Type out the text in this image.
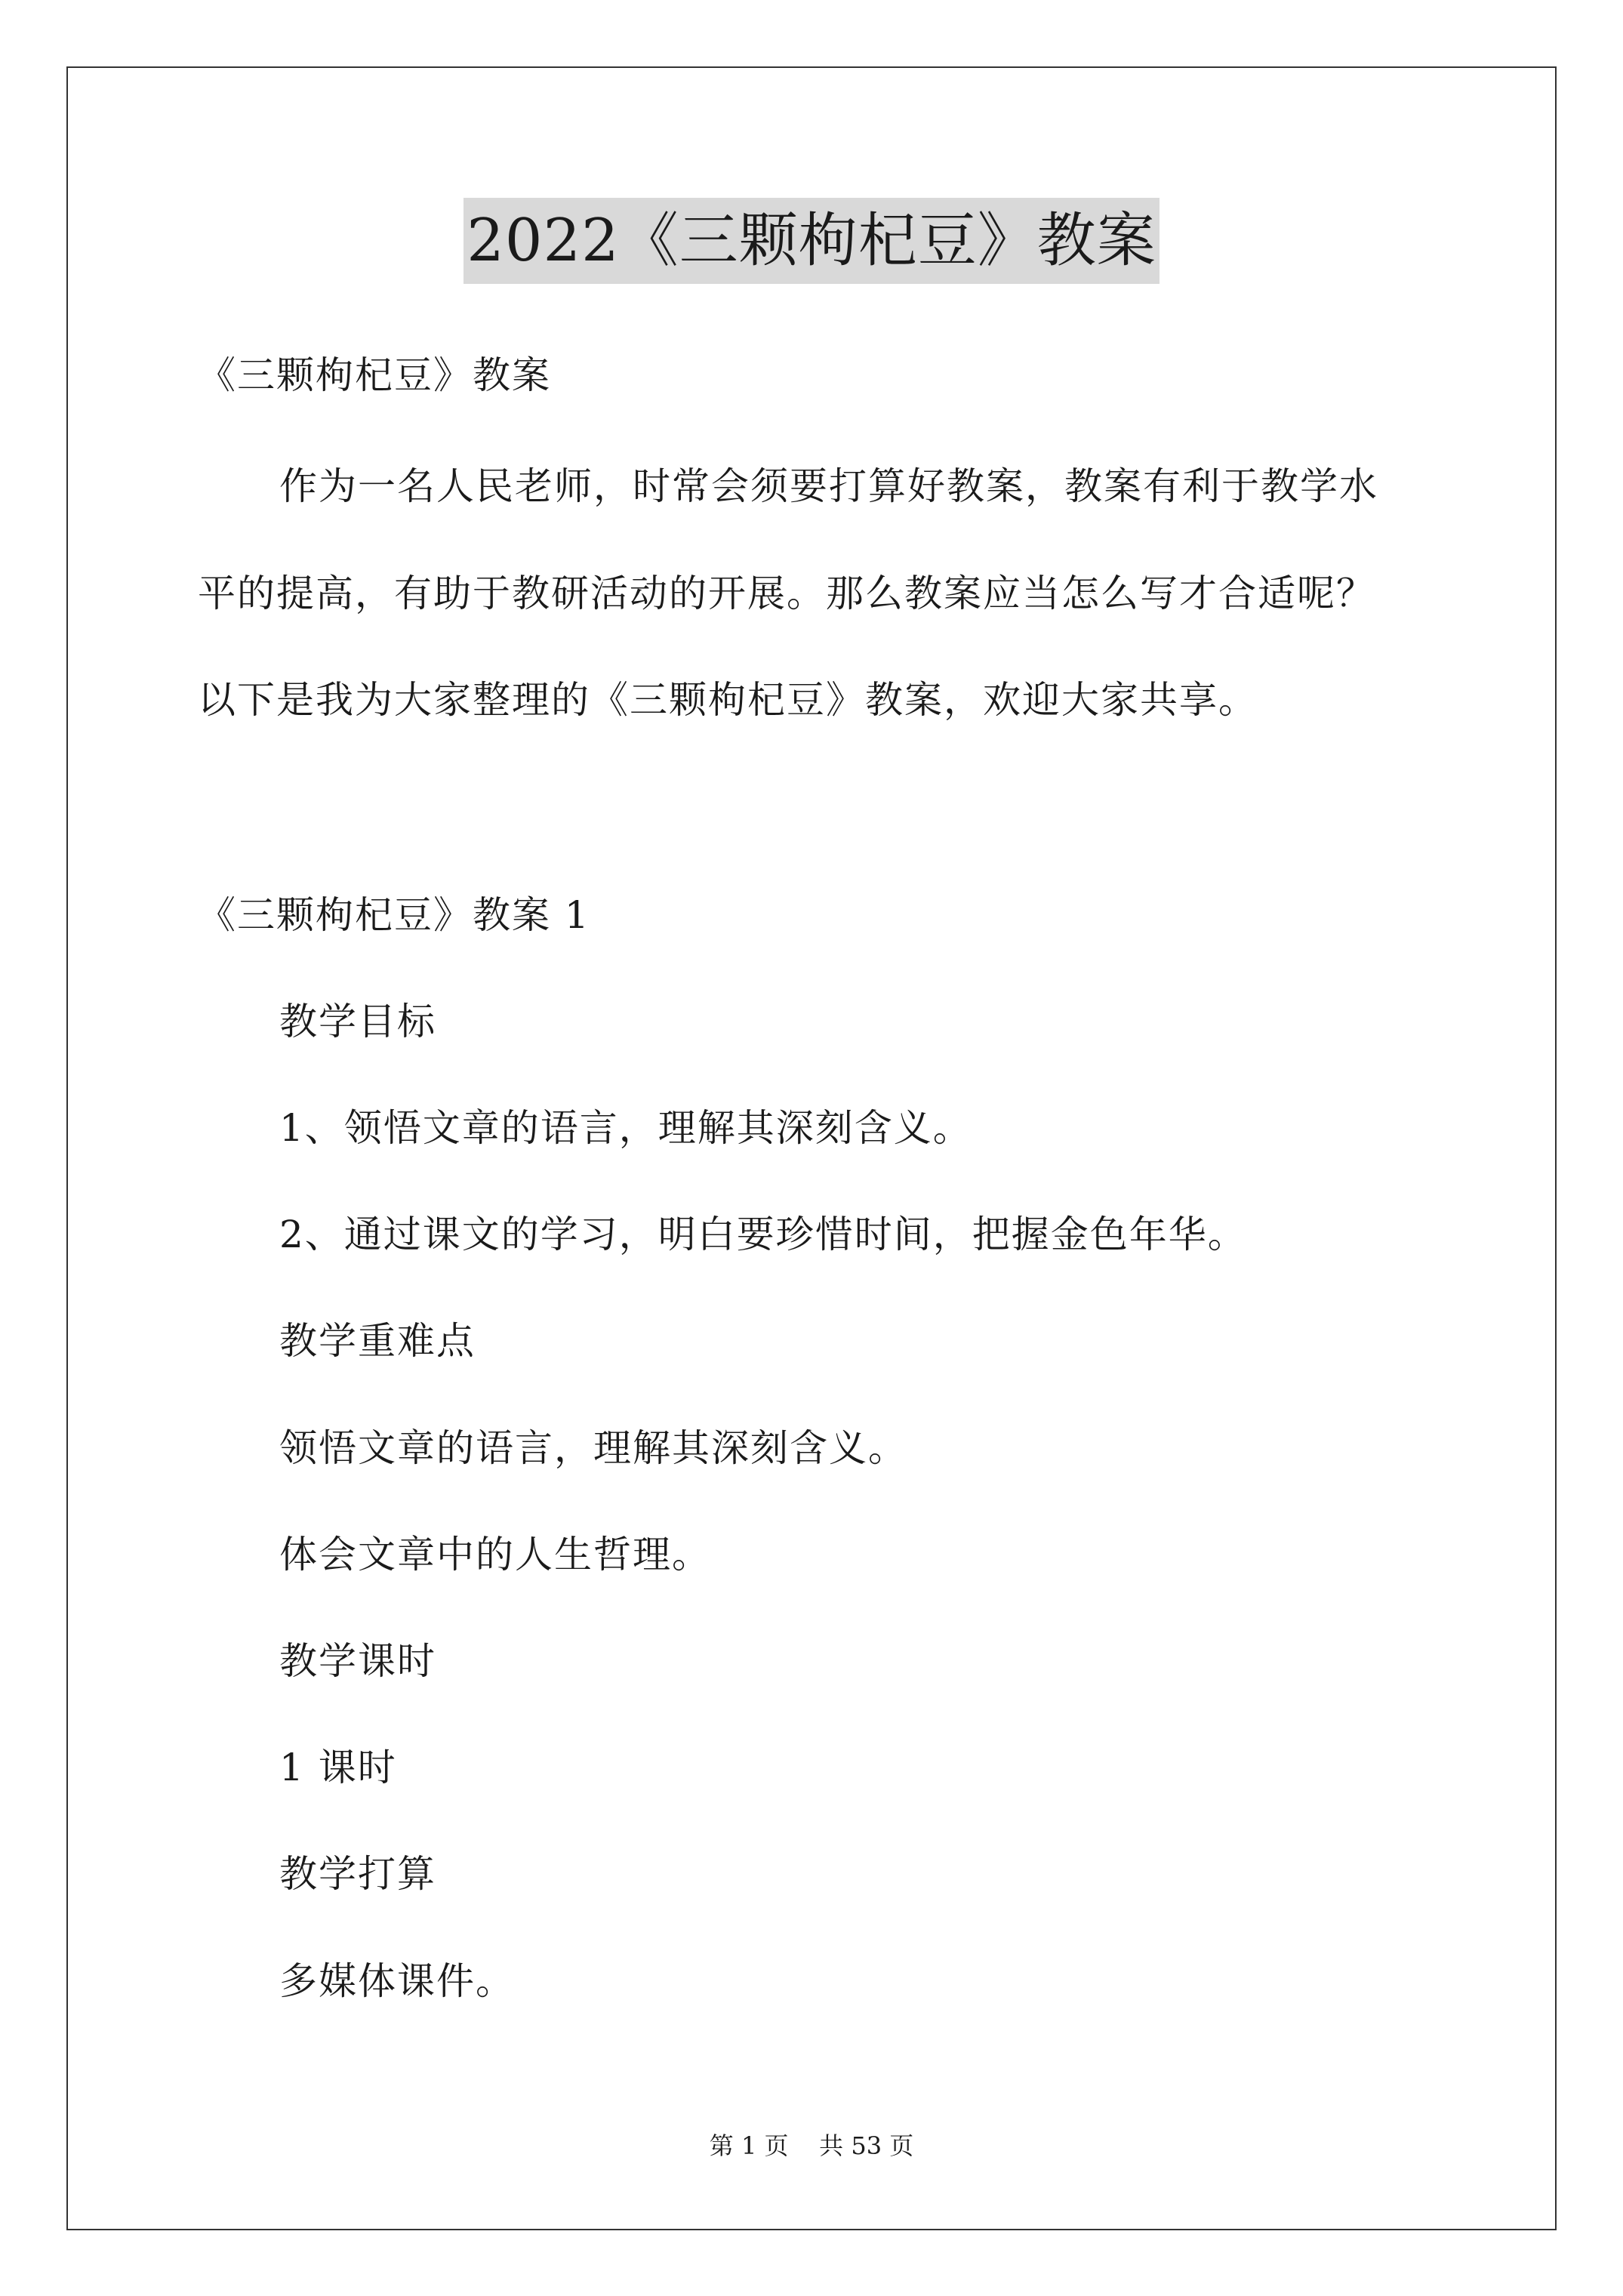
2022《三颗枸杞豆》教案
《三颗枸杞豆》教案
作为一名人民老师，时常会须要打算好教案，教案有利于教学水
平的提高，有助于教研活动的开展。那么教案应当怎么写才合适呢？
以下是我为大家整理的《三颗枸杞豆》教案，欢迎大家共享。
《三颗枸杞豆》教案 1
教学目标
1、领悟文章的语言，理解其深刻含义。
2、通过课文的学习，明白要珍惜时间，把握金色年华。
教学重难点
领悟文章的语言，理解其深刻含义。
体会文章中的人生哲理。
教学课时
1 课时
教学打算
多媒体课件。
第 1 页    共 53 页
